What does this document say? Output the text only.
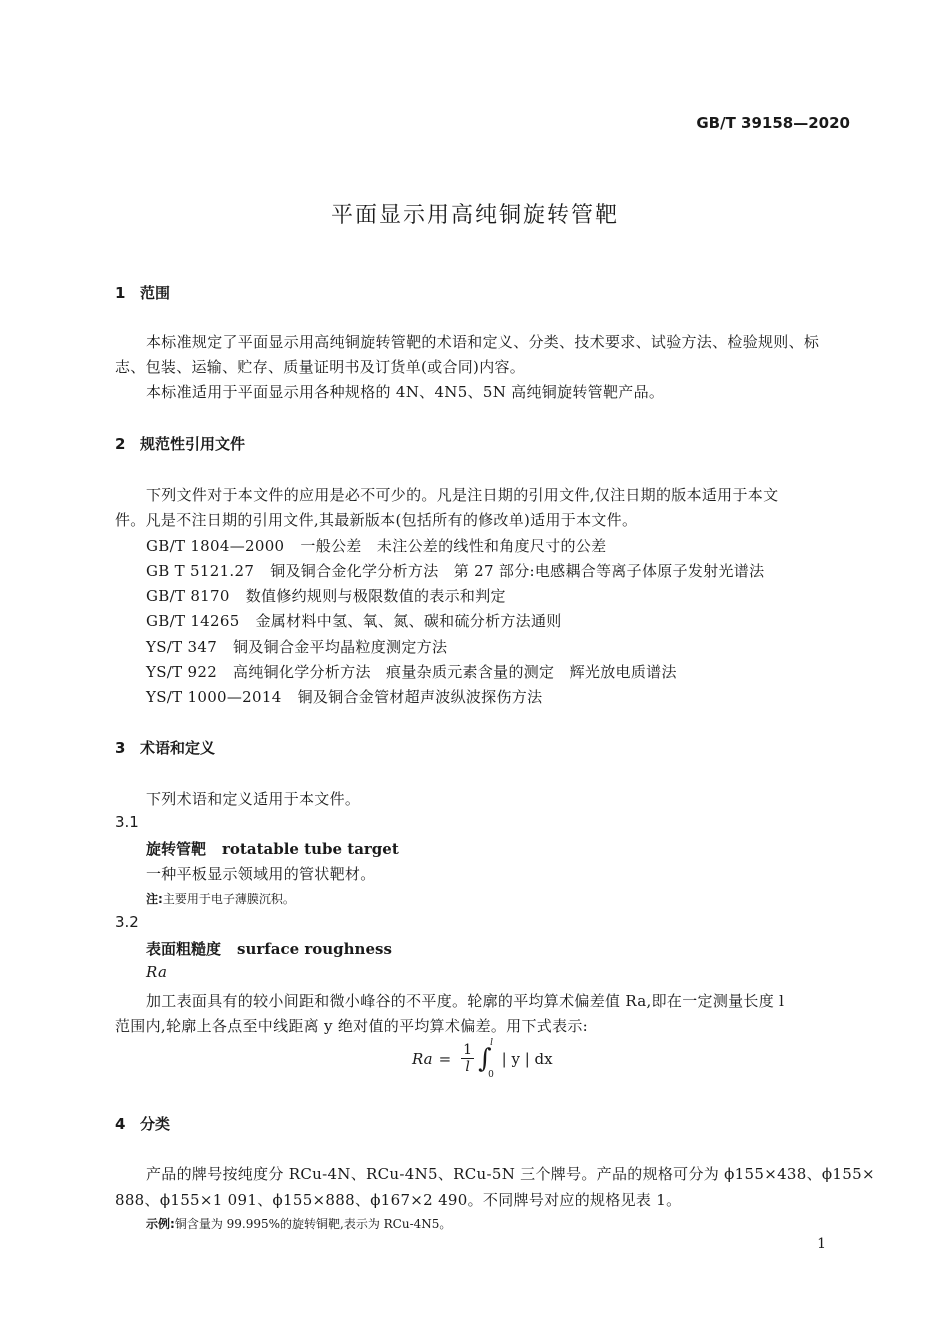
GB/T 39158—2020
平面显示用高纯铜旋转管靶
1 范围
本标准规定了平面显示用高纯铜旋转管靶的术语和定义、分类、技术要求、试验方法、检验规则、标
志、包装、运输、贮存、质量证明书及订货单(或合同)内容。
本标准适用于平面显示用各种规格的 4N、4N5、5N 高纯铜旋转管靶产品。
2 规范性引用文件
下列文件对于本文件的应用是必不可少的。凡是注日期的引用文件,仅注日期的版本适用于本文
件。凡是不注日期的引用文件,其最新版本(包括所有的修改单)适用于本文件。
GB/T 1804—2000 一般公差　未注公差的线性和角度尺寸的公差
GB T 5121.27 铜及铜合金化学分析方法　第 27 部分:电感耦合等离子体原子发射光谱法
GB/T 8170 数值修约规则与极限数值的表示和判定
GB/T 14265 金属材料中氢、氧、氮、碳和硫分析方法通则
YS/T 347 铜及铜合金平均晶粒度测定方法
YS/T 922 高纯铜化学分析方法　痕量杂质元素含量的测定　辉光放电质谱法
YS/T 1000—2014 铜及铜合金管材超声波纵波探伤方法
3 术语和定义
下列术语和定义适用于本文件。
3.1
旋转管靶 rotatable tube target
一种平板显示领域用的管状靶材。
注:主要用于电子薄膜沉积。
3.2
表面粗糙度 surface roughness
Ra
加工表面具有的较小间距和微小峰谷的不平度。轮廓的平均算术偏差值 Ra,即在一定测量长度 l
范围内,轮廓上各点至中线距离 y 绝对值的平均算术偏差。用下式表示:
$Ra = \frac{1}{l}$ ∫
l
0
| y | dx
4 分类
产品的牌号按纯度分 RCu-4N、RCu-4N5、RCu-5N 三个牌号。产品的规格可分为 ϕ155×438、ϕ155×
888、ϕ155×1 091、ϕ155×888、ϕ167×2 490。不同牌号对应的规格见表 1。
示例:铜含量为 99.995%的旋转铜靶,表示为 RCu-4N5。
1
